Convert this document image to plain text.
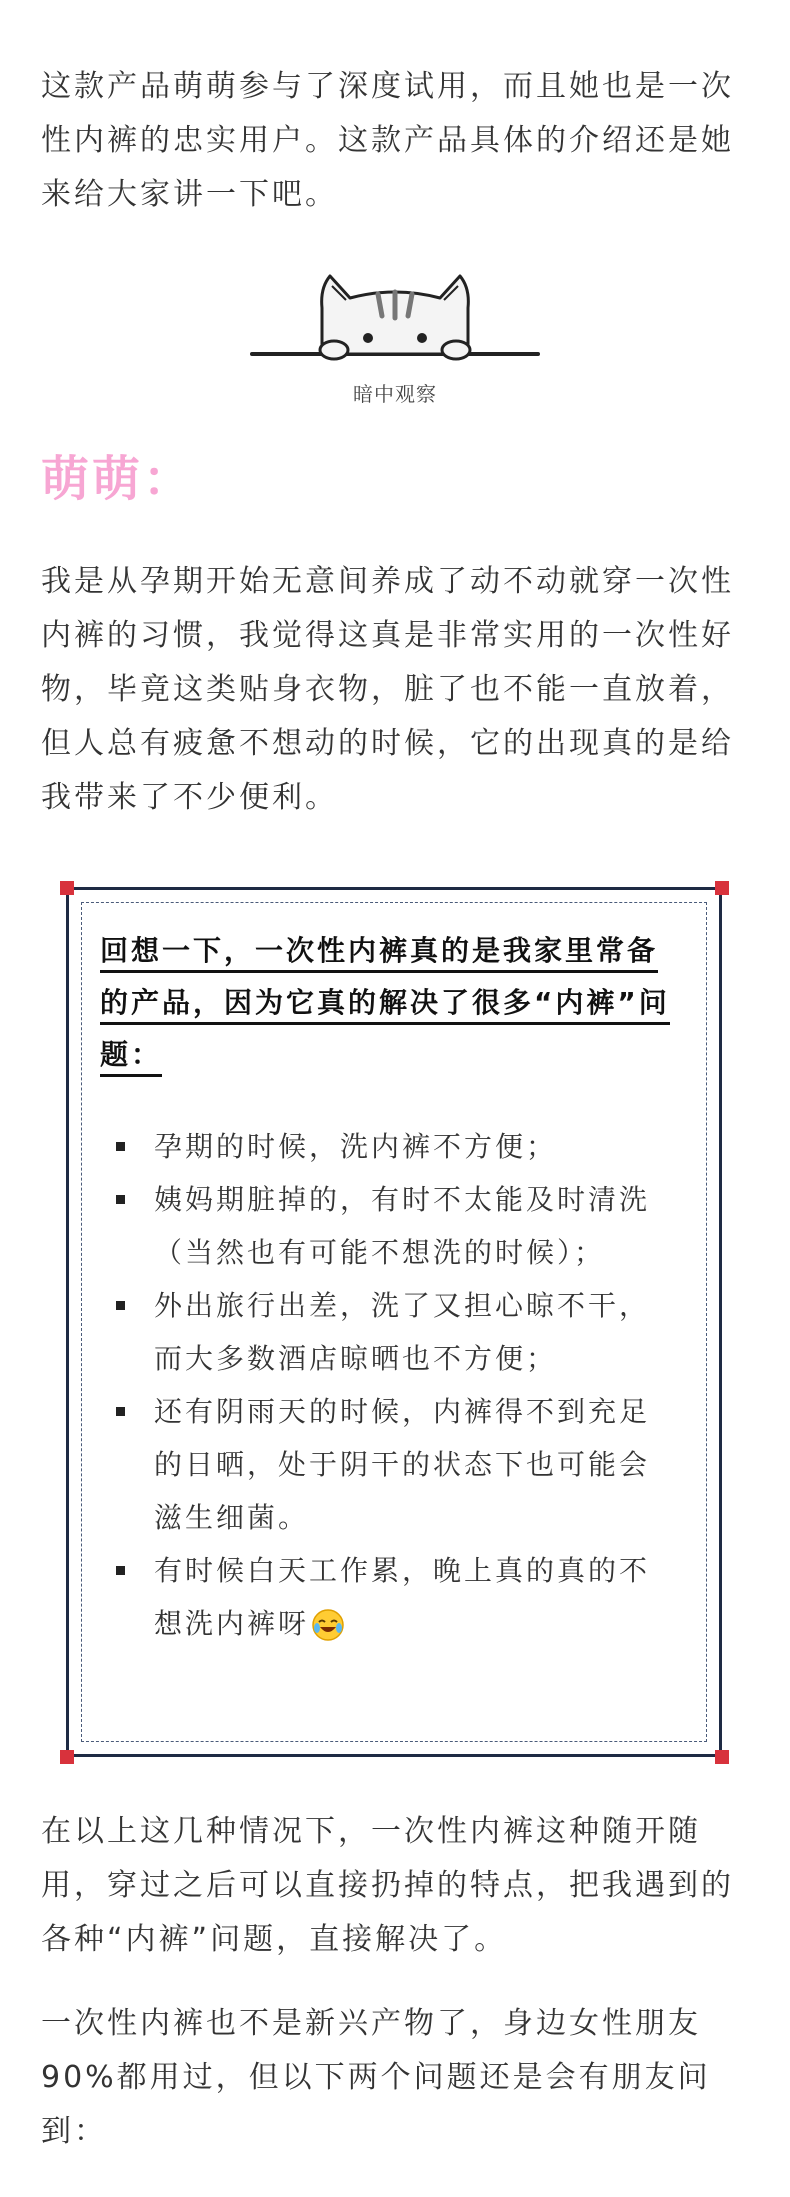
这款产品萌萌参与了深度试用，而且她也是一次性内裤的忠实用户。这款产品具体的介绍还是她来给大家讲一下吧。

暗中观察
萌萌：

我是从孕期开始无意间养成了动不动就穿一次性内裤的习惯，我觉得这真是非常实用的一次性好物，毕竟这类贴身衣物，脏了也不能一直放着，但人总有疲惫不想动的时候，它的出现真的是给我带来了不少便利。

回想一下，一次性内裤真的是我家里常备的产品，因为它真的解决了很多“内裤”问题：

孕期的时候，洗内裤不方便；
姨妈期脏掉的，有时不太能及时清洗（当然也有可能不想洗的时候）；
外出旅行出差，洗了又担心晾不干，而大多数酒店晾晒也不方便；
还有阴雨天的时候，内裤得不到充足的日晒，处于阴干的状态下也可能会滋生细菌。
有时候白天工作累，晚上真的真的不想洗内裤呀

在以上这几种情况下，一次性内裤这种随开随用，穿过之后可以直接扔掉的特点，把我遇到的各种“内裤”问题，直接解决了。

一次性内裤也不是新兴产物了，身边女性朋友90%都用过，但以下两个问题还是会有朋友问到：
